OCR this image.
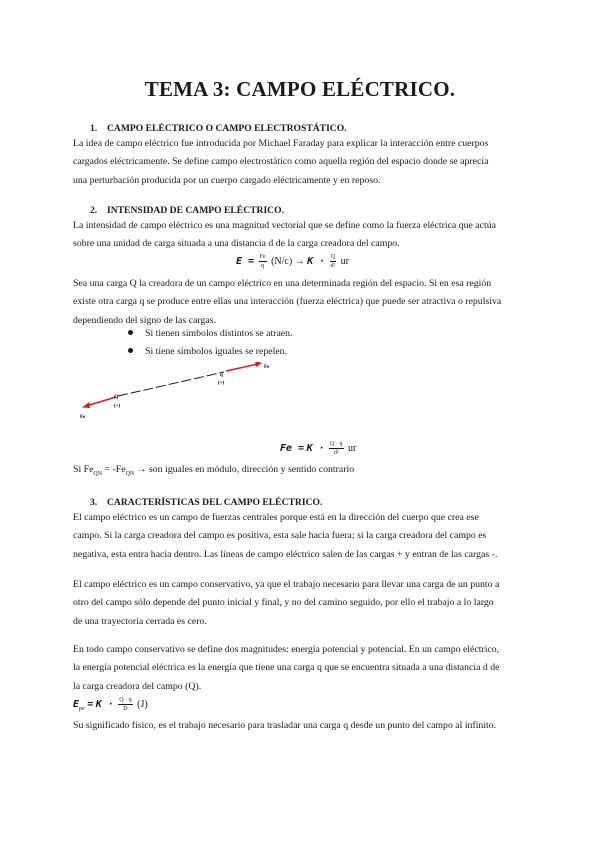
TEMA 3: CAMPO ELÉCTRICO.
1. CAMPO ELÉCTRICO O CAMPO ELECTROSTÁTICO.
La idea de campo eléctrico fue introducida por Michael Faraday para explicar la interacción entre cuerpos
cargados eléctricamente. Se define campo electrostático como aquella región del espacio donde se aprecia
una perturbación producida por un cuerpo cargado eléctricamente y en reposo.
2. INTENSIDAD DE CAMPO ELÉCTRICO.
La intensidad de campo eléctrico es una magnitud vectorial que se define como la fuerza eléctrica que actúa
sobre una unidad de carga situada a una distancia d de la carga creadora del campo.
$E = \frac{Fe}{q} (N/c) \to K \cdot \frac{Q}{\text{d²}}$ ur
Sea una carga Q la creadora de un campo eléctrico en una determinada región del espacio. Si en esa región
existe otra carga q se produce entre ellas una interacción (fuerza eléctrica) que puede ser atractiva o repulsiva
dependiendo del signo de las cargas.
Si tienen símbolos distintos se atraen.
Si tiene símbolos iguales se repelen.
q
(+)
Fe
Q
(+)
Fe
$Fe = K \cdot \frac{Q \cdot q}{\text{d²}}$ ur
Si $Fe_{QN} = -Fe_{QN}$ → son iguales en módulo, dirección y sentido contrario
3. CARACTERÍSTICAS DEL CAMPO ELÉCTRICO.
El campo eléctrico es un campo de fuerzas centrales porque está en la dirección del cuerpo que crea ese
campo. Si la carga creadora del campo es positiva, esta sale hacia fuera; si la carga creadora del campo es
negativa, esta entra hacia dentro. Las líneas de campo eléctrico salen de las cargas + y entran de las cargas -.
El campo eléctrico es un campo conservativo, ya que el trabajo necesario para llevar una carga de un punto a
otro del campo sólo depende del punto inicial y final, y no del camino seguido, por ello el trabajo a lo largo
de una trayectoria cerrada es cero.
En todo campo conservativo se define dos magnitudes: energía potencial y potencial. En un campo eléctrico,
la energía potencial eléctrica es la energía que tiene una carga q que se encuentra situada a una distancia d de
la carga creadora del campo (Q).
$E_{pe} = K \cdot \frac{Q \cdot q}{D} (J)$
Su significado físico, es el trabajo necesario para trasladar una carga q desde un punto del campo al infinito.
